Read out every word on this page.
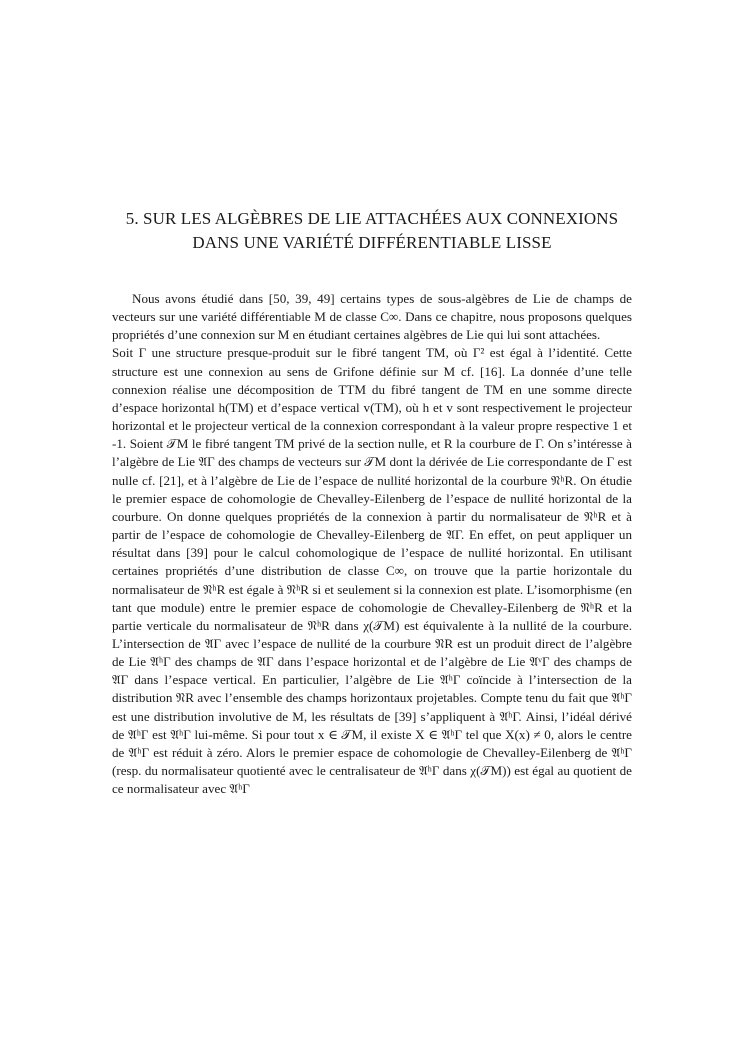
5. SUR LES ALGÈBRES DE LIE ATTACHÉES AUX CONNEXIONS
DANS UNE VARIÉTÉ DIFFÉRENTIABLE LISSE

Nous avons étudié dans [50, 39, 49] certains types de sous-algèbres de Lie de champs de vecteurs sur une variété différentiable M de classe C∞. Dans ce chapitre, nous proposons quelques propriétés d’une connexion sur M en étudiant certaines algèbres de Lie qui lui sont attachées.

Soit Γ une structure presque-produit sur le fibré tangent TM, où Γ² est égal à l’identité. Cette structure est une connexion au sens de Grifone définie sur M cf. [16]. La donnée d’une telle connexion réalise une décomposition de TTM du fibré tangent de TM en une somme directe d’espace horizontal h(TM) et d’espace vertical v(TM), où h et v sont respectivement le projecteur horizontal et le projecteur vertical de la connexion correspondant à la valeur propre respective 1 et -1. Soient 𝒯M le fibré tangent TM privé de la section nulle, et R la courbure de Γ. On s’intéresse à l’algèbre de Lie 𝔄Γ des champs de vecteurs sur 𝒯M dont la dérivée de Lie correspondante de Γ est nulle cf. [21], et à l’algèbre de Lie de l’espace de nullité horizontal de la courbure 𝔑ʰR. On étudie le premier espace de cohomologie de Chevalley-Eilenberg de l’espace de nullité horizontal de la courbure. On donne quelques propriétés de la connexion à partir du normalisateur de 𝔑ʰR et à partir de l’espace de cohomologie de Chevalley-Eilenberg de 𝔄Γ. En effet, on peut appliquer un résultat dans [39] pour le calcul cohomologique de l’espace de nullité horizontal. En utilisant certaines propriétés d’une distribution de classe C∞, on trouve que la partie horizontale du normalisateur de 𝔑ʰR est égale à 𝔑ʰR si et seulement si la connexion est plate. L’isomorphisme (en tant que module) entre le premier espace de cohomologie de Chevalley-Eilenberg de 𝔑ʰR et la partie verticale du normalisateur de 𝔑ʰR dans χ(𝒯M) est équivalente à la nullité de la courbure. L’intersection de 𝔄Γ avec l’espace de nullité de la courbure 𝔑R est un produit direct de l’algèbre de Lie 𝔄ʰΓ des champs de 𝔄Γ dans l’espace horizontal et de l’algèbre de Lie 𝔄ᵛΓ des champs de 𝔄Γ dans l’espace vertical. En particulier, l’algèbre de Lie 𝔄ʰΓ coïncide à l’intersection de la distribution 𝔑R avec l’ensemble des champs horizontaux projetables. Compte tenu du fait que 𝔄ʰΓ est une distribution involutive de M, les résultats de [39] s’appliquent à 𝔄ʰΓ. Ainsi, l’idéal dérivé de 𝔄ʰΓ est 𝔄ʰΓ lui-même. Si pour tout x ∈ 𝒯M, il existe X ∈ 𝔄ʰΓ tel que X(x) ≠ 0, alors le centre de 𝔄ʰΓ est réduit à zéro. Alors le premier espace de cohomologie de Chevalley-Eilenberg de 𝔄ʰΓ (resp. du normalisateur quotienté avec le centralisateur de 𝔄ʰΓ dans χ(𝒯M)) est égal au quotient de ce normalisateur avec 𝔄ʰΓ
